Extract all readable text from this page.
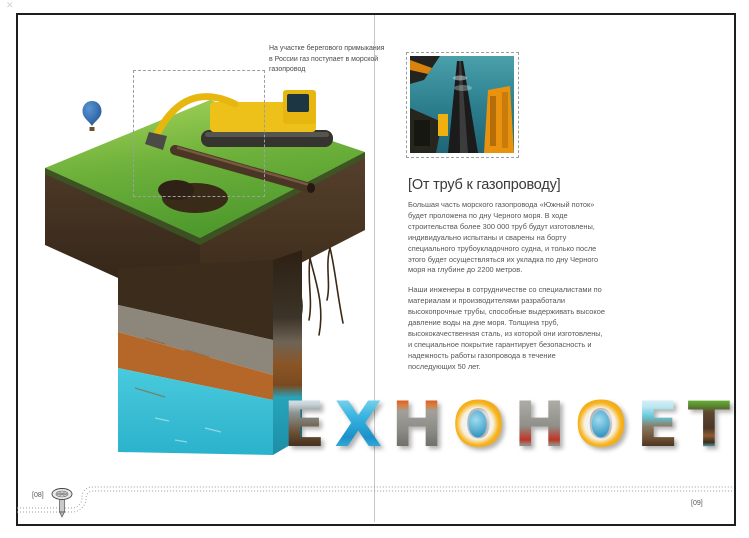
✕
На участке берегового примыкания
в России газ поступает в морской
газопровод
[От труб к газопроводу]

Большая часть морского газопровода «Южный поток» будет проложена по дну Черного моря. В ходе строительства более 300 000 труб будут изготовлены, индивидуально испытаны и сварены на борту специального трубоукладочного судна, и только после этого будет осуществляться их укладка по дну Черного моря на глубине до 2200 метров.

Наши инженеры в сотрудничестве со специалистами по материалам и производителями разработали высокопрочные трубы, способные выдерживать высокое давление воды на дне моря. Толщина труб, высококачественная сталь, из которой они изготовлены, и специальное покрытие гарантирует безопасность и надежность работы газопровода в течение последующих 50 лет.

Е Х Н О Н О Е Т
[08]
[09]
